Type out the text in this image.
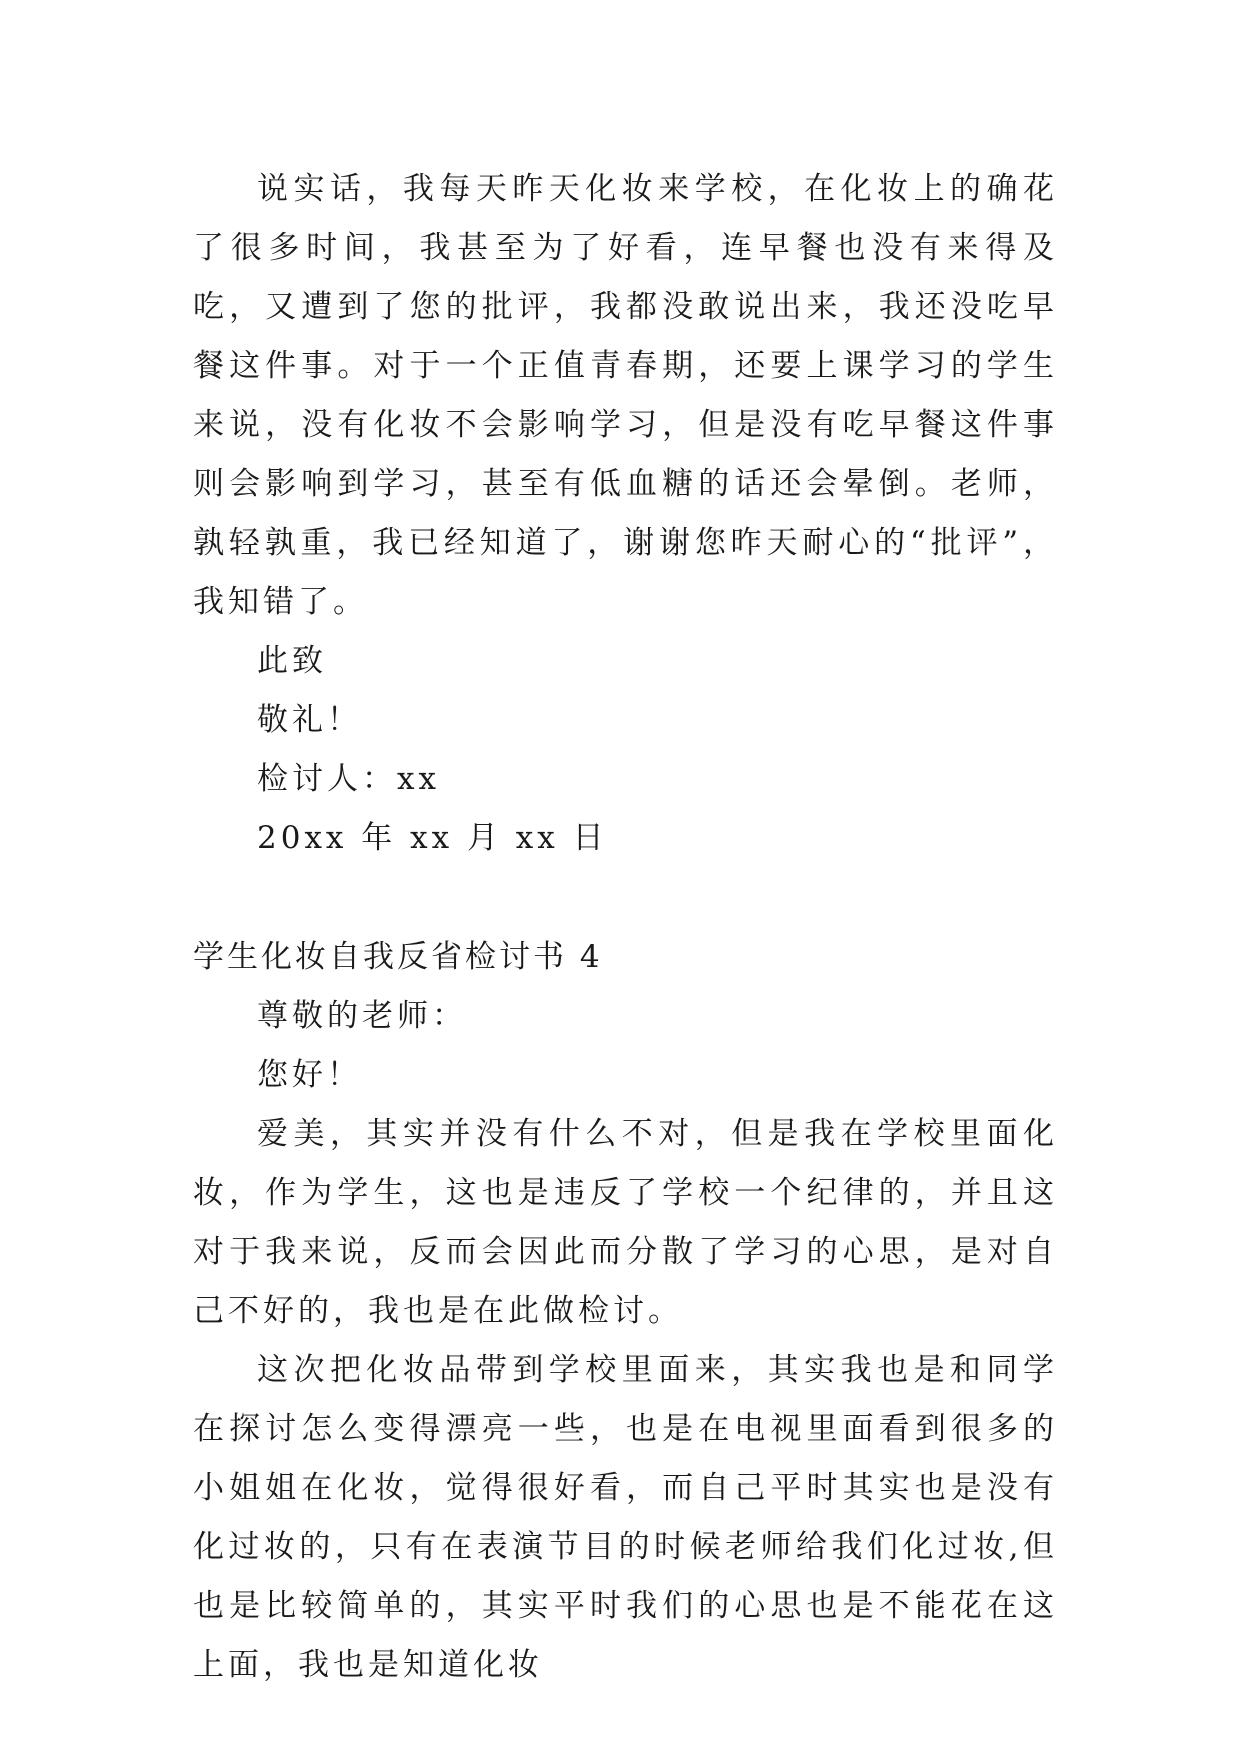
说实话，我每天昨天化妆来学校，在化妆上的确花了很多时间，我甚至为了好看，连早餐也没有来得及吃，又遭到了您的批评，我都没敢说出来，我还没吃早餐这件事。对于一个正值青春期，还要上课学习的学生来说，没有化妆不会影响学习，但是没有吃早餐这件事则会影响到学习，甚至有低血糖的话还会晕倒。老师，孰轻孰重，我已经知道了，谢谢您昨天耐心的“批评”，我知错了。

此致

敬礼！

检讨人：xx

20xx 年 xx 月 xx 日

学生化妆自我反省检讨书 4

尊敬的老师：

您好！

爱美，其实并没有什么不对，但是我在学校里面化妆，作为学生，这也是违反了学校一个纪律的，并且这对于我来说，反而会因此而分散了学习的心思，是对自己不好的，我也是在此做检讨。

这次把化妆品带到学校里面来，其实我也是和同学在探讨怎么变得漂亮一些，也是在电视里面看到很多的小姐姐在化妆，觉得很好看，而自己平时其实也是没有化过妆的，只有在表演节目的时候老师给我们化过妆,但也是比较简单的，其实平时我们的心思也是不能花在这上面，我也是知道化妆
